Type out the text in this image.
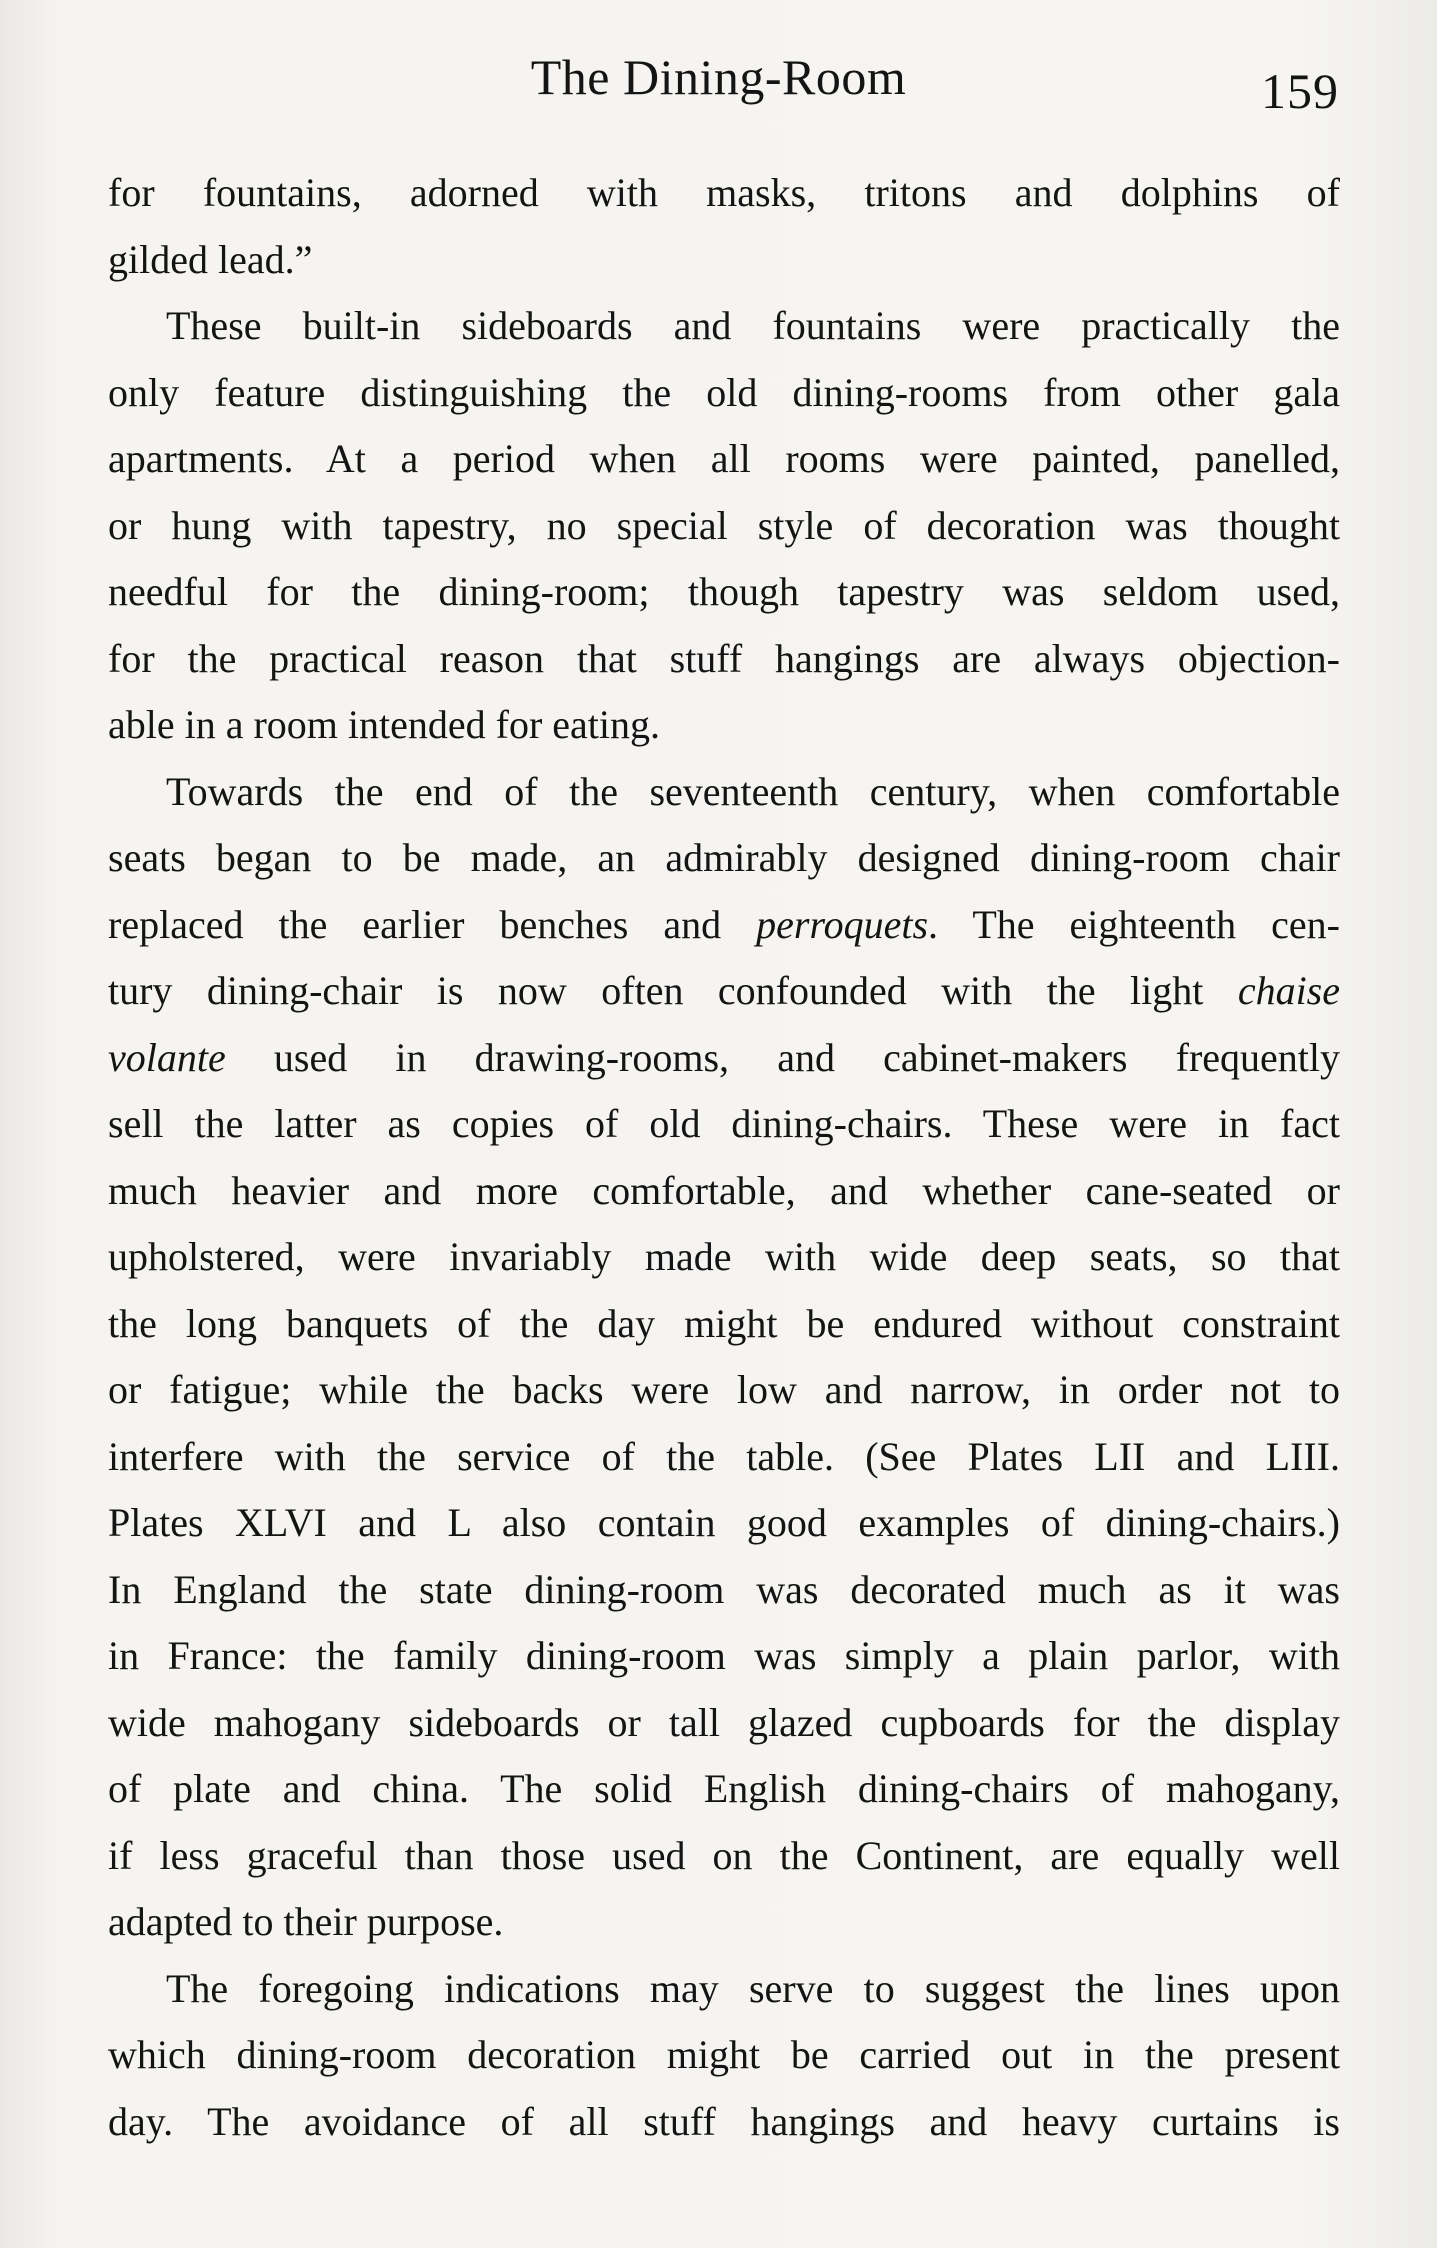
The Dining-Room	159
for fountains, adorned with masks, tritons and dolphins of
gilded lead.”
These built-in sideboards and fountains were practically the
only feature distinguishing the old dining-rooms from other gala
apartments. At a period when all rooms were painted, panelled,
or hung with tapestry, no special style of decoration was thought
needful for the dining-room; though tapestry was seldom used,
for the practical reason that stuff hangings are always objection-
able in a room intended for eating.
Towards the end of the seventeenth century, when comfortable
seats began to be made, an admirably designed dining-room chair
replaced the earlier benches and perroquets. The eighteenth cen-
tury dining-chair is now often confounded with the light chaise
volante used in drawing-rooms, and cabinet-makers frequently
sell the latter as copies of old dining-chairs. These were in fact
much heavier and more comfortable, and whether cane-seated or
upholstered, were invariably made with wide deep seats, so that
the long banquets of the day might be endured without constraint
or fatigue; while the backs were low and narrow, in order not to
interfere with the service of the table. (See Plates LII and LIII.
Plates XLVI and L also contain good examples of dining-chairs.)
In England the state dining-room was decorated much as it was
in France: the family dining-room was simply a plain parlor, with
wide mahogany sideboards or tall glazed cupboards for the display
of plate and china. The solid English dining-chairs of mahogany,
if less graceful than those used on the Continent, are equally well
adapted to their purpose.
The foregoing indications may serve to suggest the lines upon
which dining-room decoration might be carried out in the present
day. The avoidance of all stuff hangings and heavy curtains is
